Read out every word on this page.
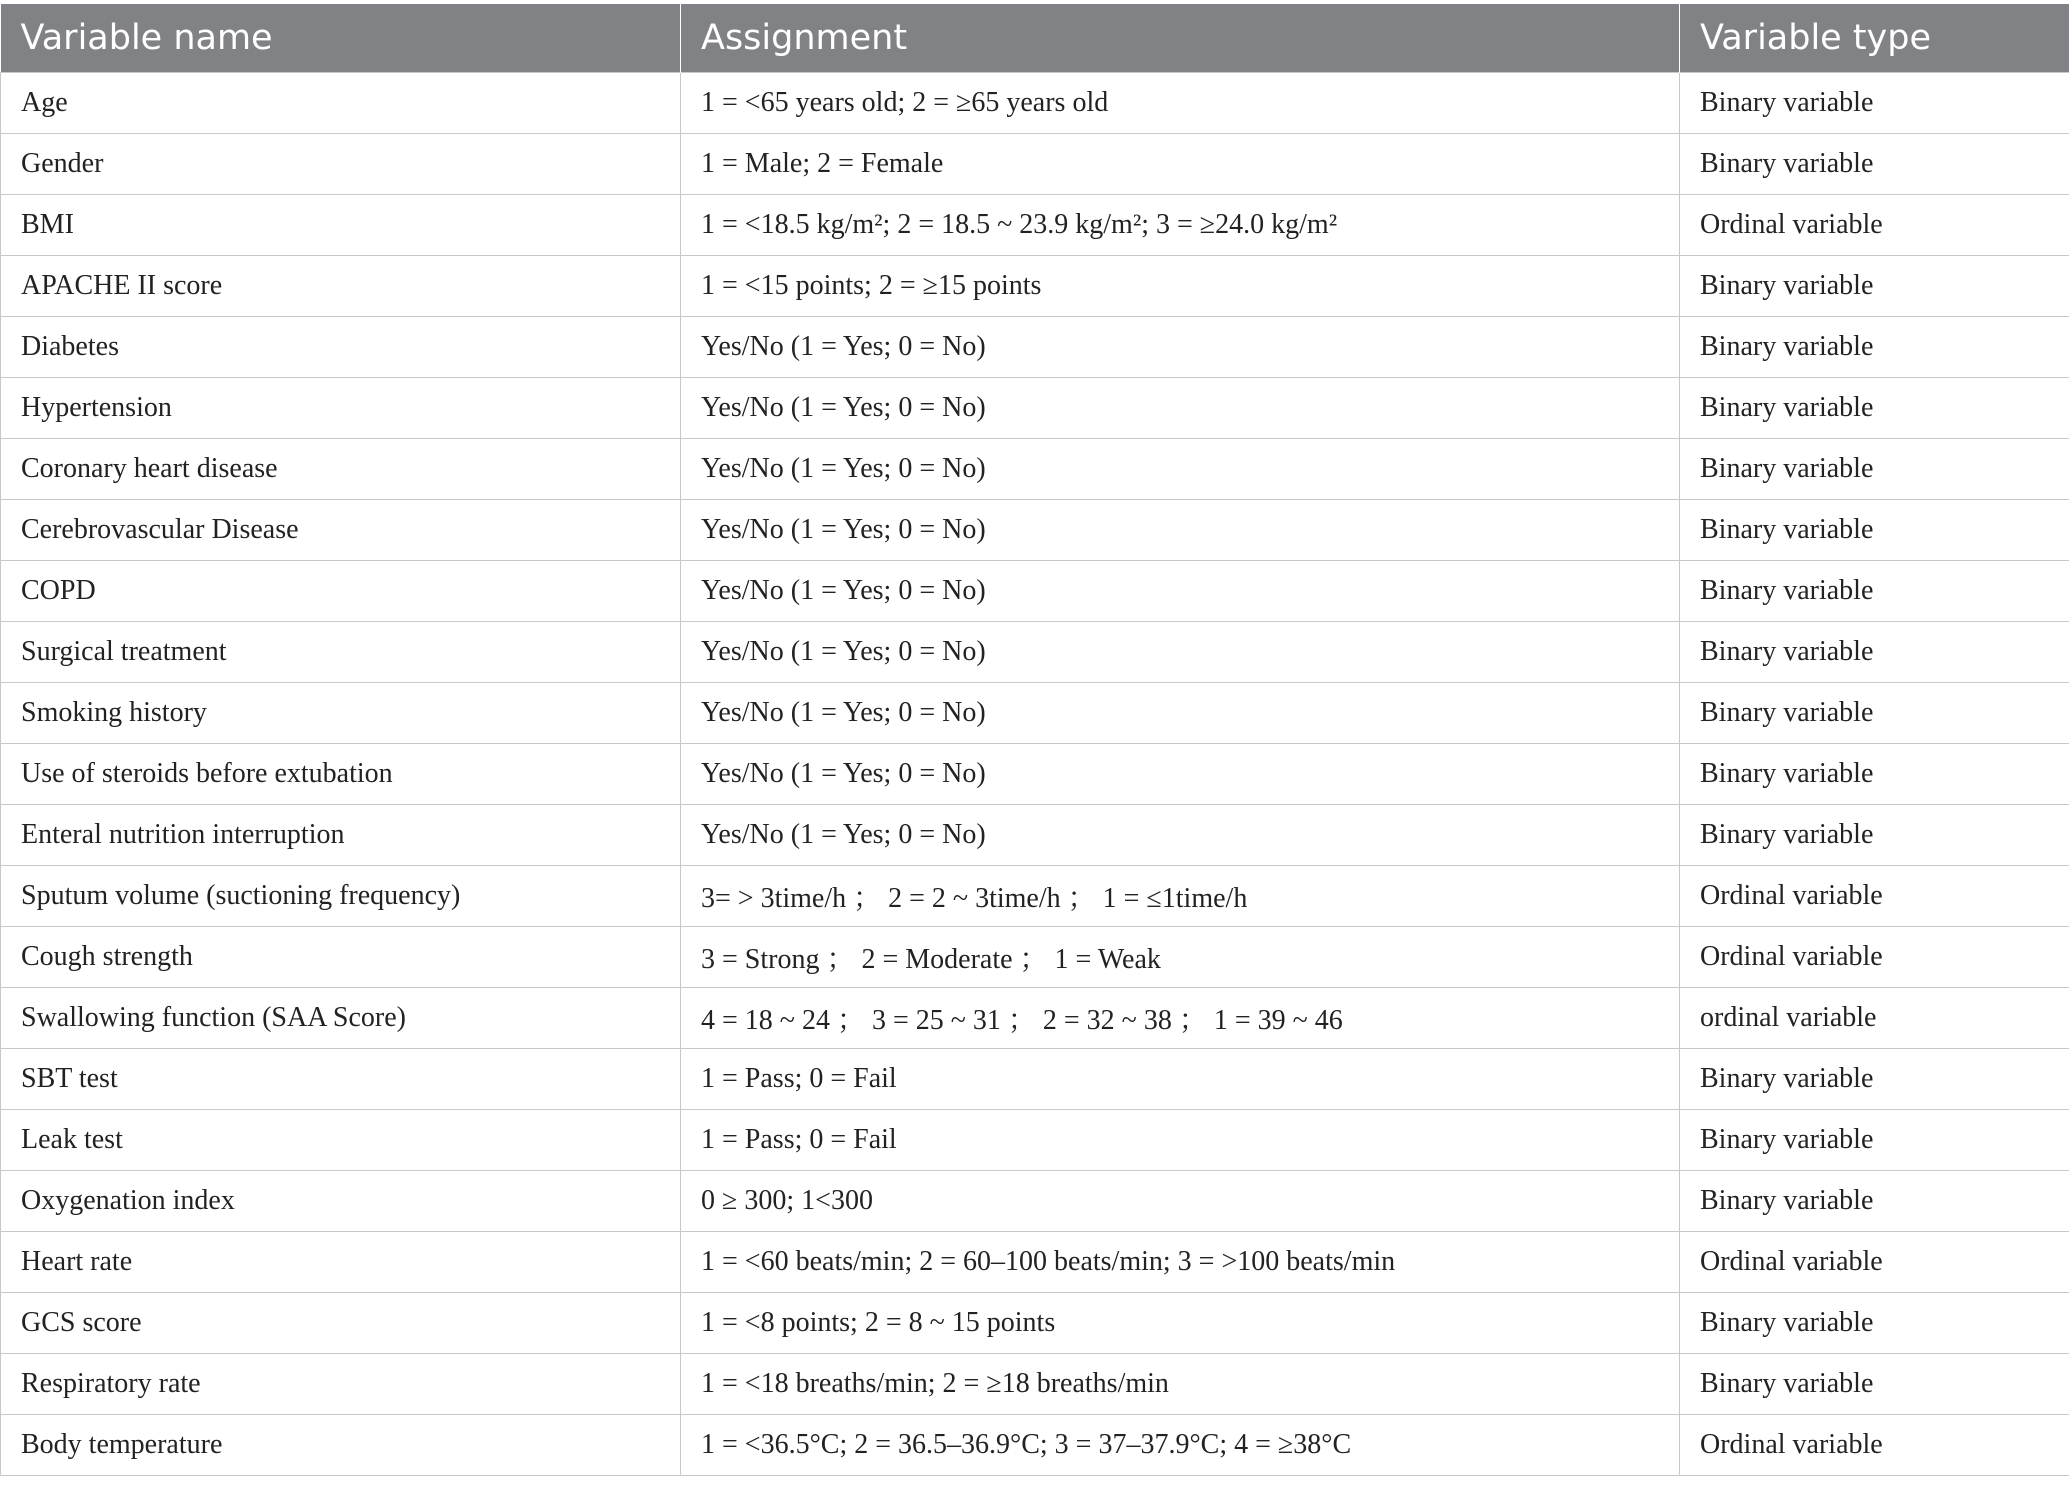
Variable name	Assignment	Variable type
Age	1 = <65 years old; 2 = ≥65 years old	Binary variable
Gender	1 = Male; 2 = Female	Binary variable
BMI	1 = <18.5 kg/m²; 2 = 18.5 ~ 23.9 kg/m²; 3 = ≥24.0 kg/m²	Ordinal variable
APACHE II score	1 = <15 points; 2 = ≥15 points	Binary variable
Diabetes	Yes/No (1 = Yes; 0 = No)	Binary variable
Hypertension	Yes/No (1 = Yes; 0 = No)	Binary variable
Coronary heart disease	Yes/No (1 = Yes; 0 = No)	Binary variable
Cerebrovascular Disease	Yes/No (1 = Yes; 0 = No)	Binary variable
COPD	Yes/No (1 = Yes; 0 = No)	Binary variable
Surgical treatment	Yes/No (1 = Yes; 0 = No)	Binary variable
Smoking history	Yes/No (1 = Yes; 0 = No)	Binary variable
Use of steroids before extubation	Yes/No (1 = Yes; 0 = No)	Binary variable
Enteral nutrition interruption	Yes/No (1 = Yes; 0 = No)	Binary variable
Sputum volume (suctioning frequency)	3= > 3time/h ； 2 = 2 ~ 3time/h ； 1 = ≤1time/h	Ordinal variable
Cough strength	3 = Strong ； 2 = Moderate ； 1 = Weak	Ordinal variable
Swallowing function (SAA Score)	4 = 18 ~ 24 ； 3 = 25 ~ 31 ； 2 = 32 ~ 38 ； 1 = 39 ~ 46	ordinal variable
SBT test	1 = Pass; 0 = Fail	Binary variable
Leak test	1 = Pass; 0 = Fail	Binary variable
Oxygenation index	0 ≥ 300; 1<300	Binary variable
Heart rate	1 = <60 beats/min; 2 = 60–100 beats/min; 3 = >100 beats/min	Ordinal variable
GCS score	1 = <8 points; 2 = 8 ~ 15 points	Binary variable
Respiratory rate	1 = <18 breaths/min; 2 = ≥18 breaths/min	Binary variable
Body temperature	1 = <36.5°C; 2 = 36.5–36.9°C; 3 = 37–37.9°C; 4 = ≥38°C	Ordinal variable
